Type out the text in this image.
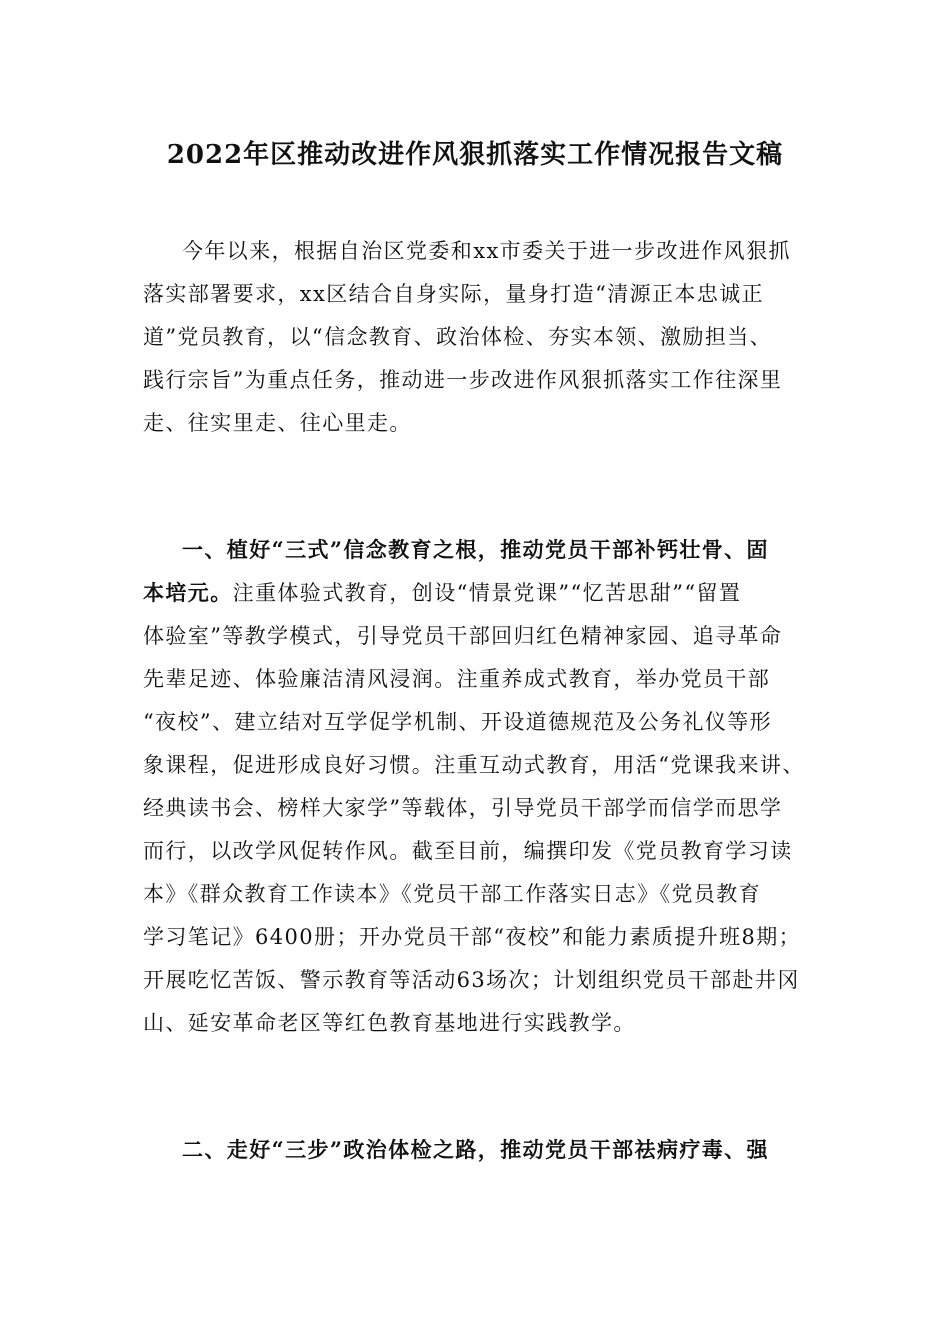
2022年区推动改进作风狠抓落实工作情况报告文稿
今年以来，根据自治区党委和xx市委关于进一步改进作风狠抓
落实部署要求，xx区结合自身实际，量身打造“清源正本忠诚正
道”党员教育，以“信念教育、政治体检、夯实本领、激励担当、
践行宗旨”为重点任务，推动进一步改进作风狠抓落实工作往深里
走、往实里走、往心里走。
一、植好“三式”信念教育之根，推动党员干部补钙壮骨、固
本培元。注重体验式教育，创设“情景党课”“忆苦思甜”“留置
体验室”等教学模式，引导党员干部回归红色精神家园、追寻革命
先辈足迹、体验廉洁清风浸润。注重养成式教育，举办党员干部
“夜校”、建立结对互学促学机制、开设道德规范及公务礼仪等形
象课程，促进形成良好习惯。注重互动式教育，用活“党课我来讲、
经典读书会、榜样大家学”等载体，引导党员干部学而信学而思学
而行，以改学风促转作风。截至目前，编撰印发《党员教育学习读
本》《群众教育工作读本》《党员干部工作落实日志》《党员教育
学习笔记》6400册；开办党员干部“夜校”和能力素质提升班8期；
开展吃忆苦饭、警示教育等活动63场次；计划组织党员干部赴井冈
山、延安革命老区等红色教育基地进行实践教学。
二、走好“三步”政治体检之路，推动党员干部祛病疗毒、强
